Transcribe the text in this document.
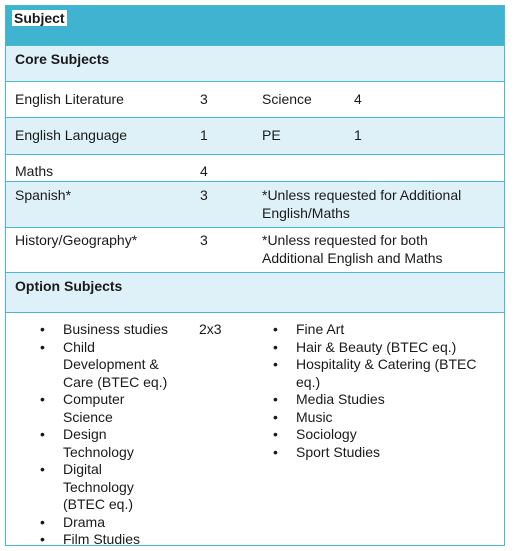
Subject
Core Subjects
English Literature	3	Science	4
English Language	1	PE	1
Maths	4
Spanish*	3	*Unless requested for Additional
English/Maths
History/Geography*	3	*Unless requested for both
Additional English and Maths
Option Subjects
• Business studies
• Child
Development &
Care (BTEC eq.)
• Computer
Science
• Design
Technology
• Digital
Technology
(BTEC eq.)
• Drama
• Film Studies
2x3
•	Fine Art
• Hair & Beauty (BTEC eq.)
• Hospitality & Catering (BTEC
eq.)
• Media Studies
• Music
• Sociology
• Sport Studies
